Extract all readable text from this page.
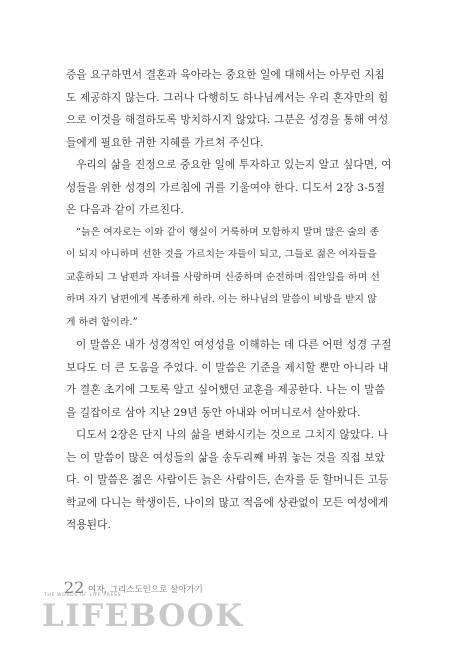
증을 요구하면서 결혼과 육아라는 중요한 일에 대해서는 아무런 지침
도 제공하지 않는다. 그러나 다행히도 하나님께서는 우리 혼자만의 힘
으로 이것을 해결하도록 방치하시지 않았다. 그분은 성경을 통해 여성
들에게 필요한 귀한 지혜를 가르쳐 주신다.

우리의 삶을 진정으로 중요한 일에 투자하고 있는지 알고 싶다면, 여
성들을 위한 성경의 가르침에 귀를 기울여야 한다. 디도서 2장 3-5절
은 다음과 같이 가르친다.

“늙은 여자로는 이와 같이 행실이 거룩하며 모함하지 말며 많은 술의 종
이 되지 아니하며 선한 것을 가르치는 자들이 되고, 그들로 젊은 여자들을
교훈하되 그 남편과 자녀를 사랑하며 신중하며 순전하며 집안일을 하며 선
하며 자기 남편에게 복종하게 하라. 이는 하나님의 말씀이 비방을 받지 않
게 하려 함이라.”

이 말씀은 내가 성경적인 여성성을 이해하는 데 다른 어떤 성경 구절
보다도 더 큰 도움을 주었다. 이 말씀은 기준을 제시할 뿐만 아니라 내
가 결혼 초기에 그토록 알고 싶어했던 교훈을 제공한다. 나는 이 말씀
을 길잡이로 삼아 지난 29년 동안 아내와 어머니로서 살아왔다.

디도서 2장은 단지 나의 삶을 변화시키는 것으로 그치지 않았다. 나
는 이 말씀이 많은 여성들의 삶을 송두리째 바꿔 놓는 것을 직접 보았
다. 이 말씀은 젊은 사람이든 늙은 사람이든, 손자를 둔 할머니든 고등
학교에 다니는 학생이든, 나이의 많고 적음에 상관없이 모든 여성에게
적용된다.

22 여자, 그리스도인으로 살아가기
THE WORDS OF LIFE PRESS
LIFEBOOK
